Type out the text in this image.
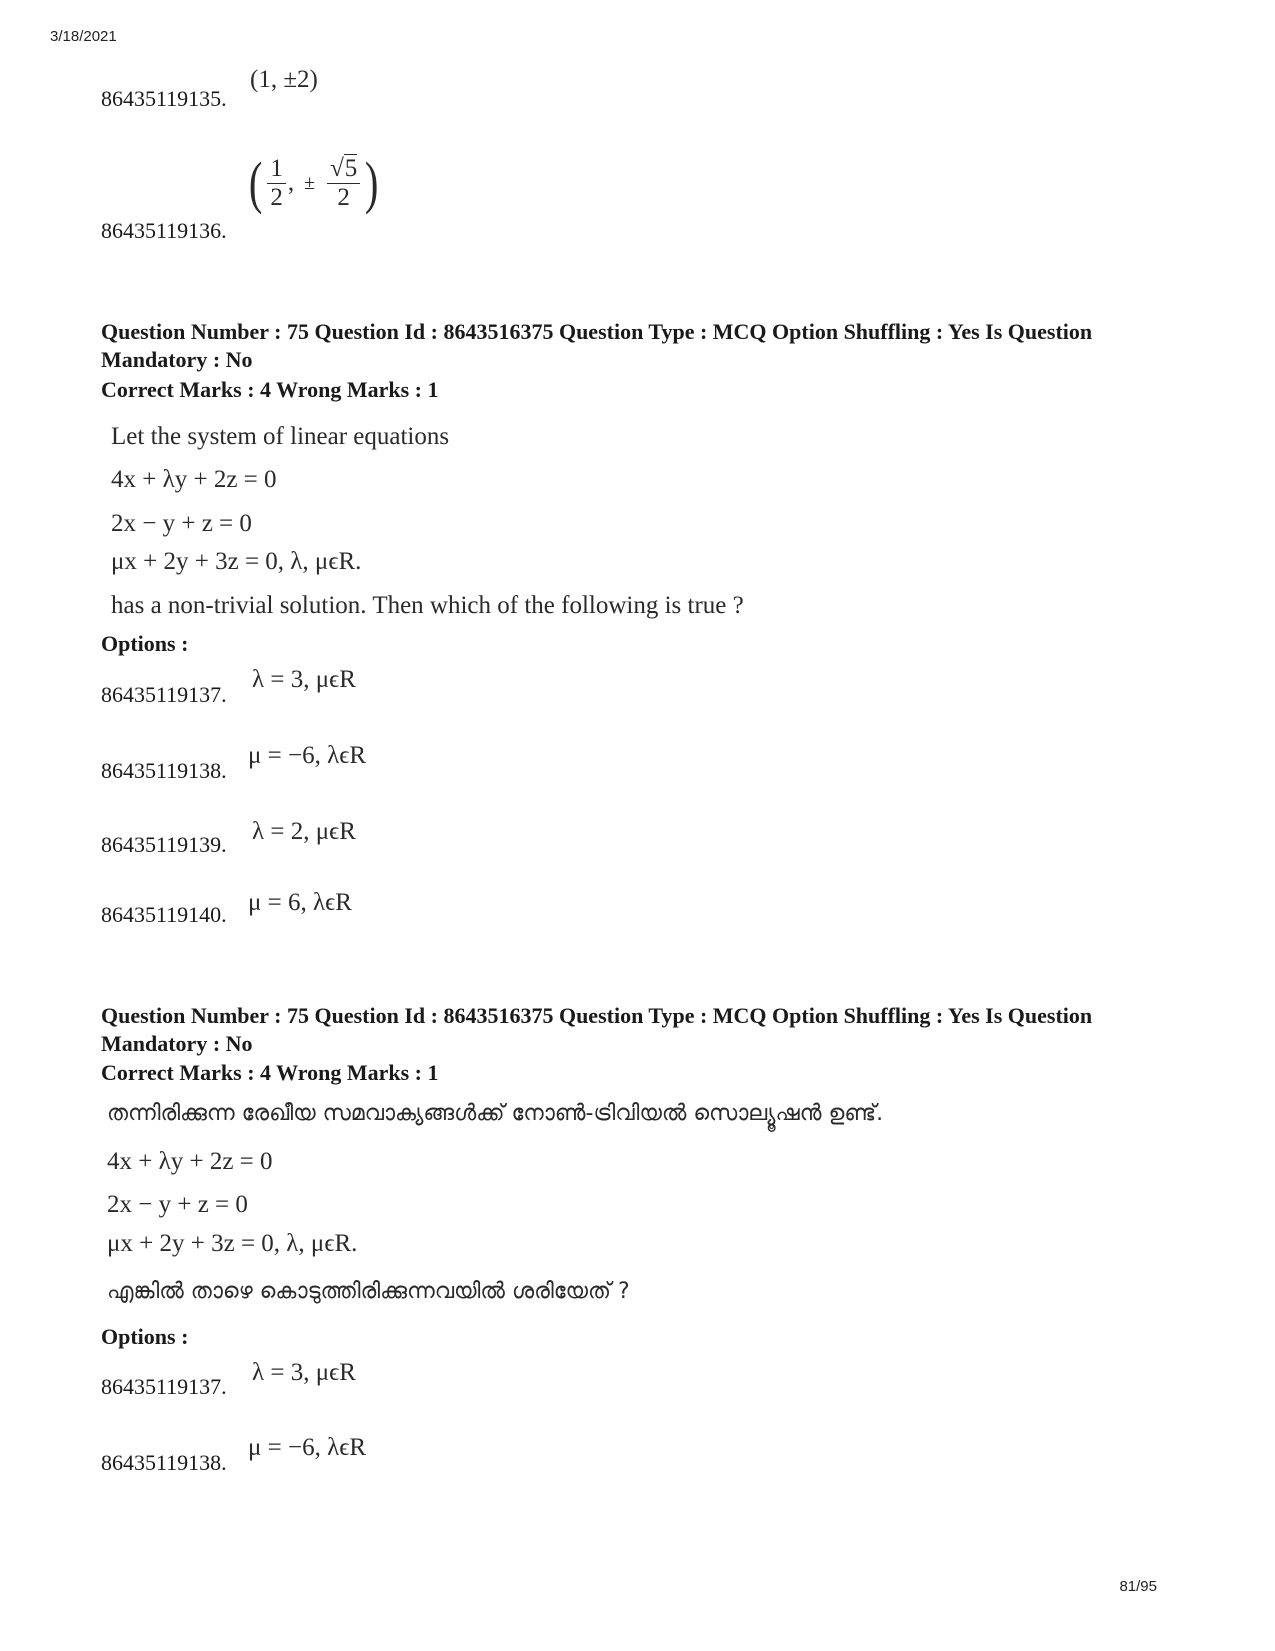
3/18/2021
81/95
86435119135.
(1, ±2)
86435119136.
( $\frac{1}{2}$ , ± $\frac{√5}{2}$ )
Question Number : 75 Question Id : 8643516375 Question Type : MCQ Option Shuffling : Yes Is Question Mandatory : No
Correct Marks : 4 Wrong Marks : 1
Let the system of linear equations
4x + λy + 2z = 0
2x − y + z = 0
μx + 2y + 3z = 0, λ, μϵR.
has a non-trivial solution. Then which of the following is true ?
Options :
86435119137.
λ = 3, μϵR
86435119138.
μ = −6, λϵR
86435119139. λ = 2, μϵR
86435119140. μ = 6, λϵR
Question Number : 75 Question Id : 8643516375 Question Type : MCQ Option Shuffling : Yes Is Question Mandatory : No
Correct Marks : 4 Wrong Marks : 1
തന്നിരിക്കുന്ന രേഖീയ സമവാക്യങ്ങൾക്ക് നോൺ-ട്രിവിയൽ സൊല്യൂഷൻ ഉണ്ട്.
4x + λy + 2z = 0
2x − y + z = 0
μx + 2y + 3z = 0, λ, μϵR.
എങ്കിൽ താഴെ കൊടുത്തിരിക്കുന്നവയിൽ ശരിയേത് ?
Options :
86435119137.
λ = 3, μϵR
86435119138.
μ = −6, λϵR
